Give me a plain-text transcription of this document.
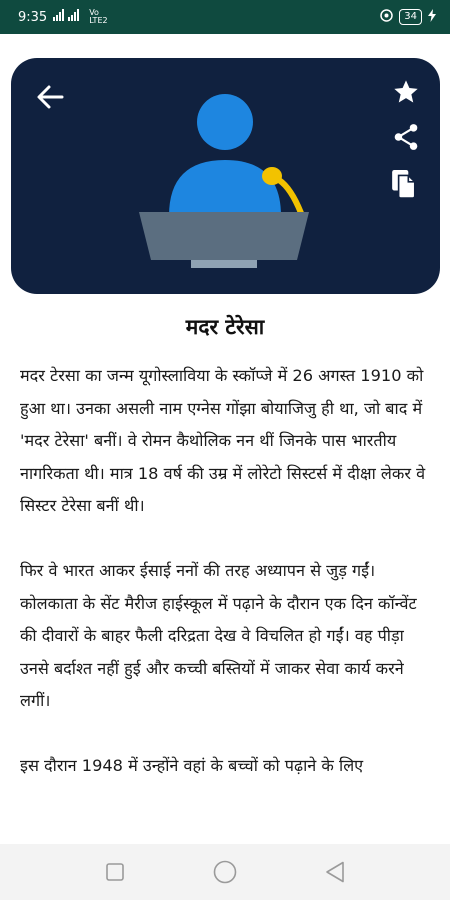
9:35	Vo
LTE2	34
मदर टेरेसा

मदर टेरसा का जन्म यूगोस्लाविया के स्कॉप्जे में 26 अगस्त 1910 को हुआ था। उनका असली नाम एग्नेस गोंझा बोयाजिजु ही था, जो बाद में 'मदर टेरेसा' बनीं। वे रोमन कैथोलिक नन थीं जिनके पास भारतीय नागरिकता थी। मात्र 18 वर्ष की उम्र में लोरेटो सिस्टर्स में दीक्षा लेकर वे सिस्टर टेरेसा बनीं थी।

फिर वे भारत आकर ईसाई ननों की तरह अध्यापन से जुड़ गईं। कोलकाता के सेंट मैरीज हाईस्कूल में पढ़ाने के दौरान एक दिन कॉन्वेंट की दीवारों के बाहर फैली दरिद्रता देख वे विचलित हो गईं। वह पीड़ा उनसे बर्दाश्त नहीं हुई और कच्ची बस्तियों में जाकर सेवा कार्य करने लगीं।

इस दौरान 1948 में उन्होंने वहां के बच्चों को पढ़ाने के लिए
